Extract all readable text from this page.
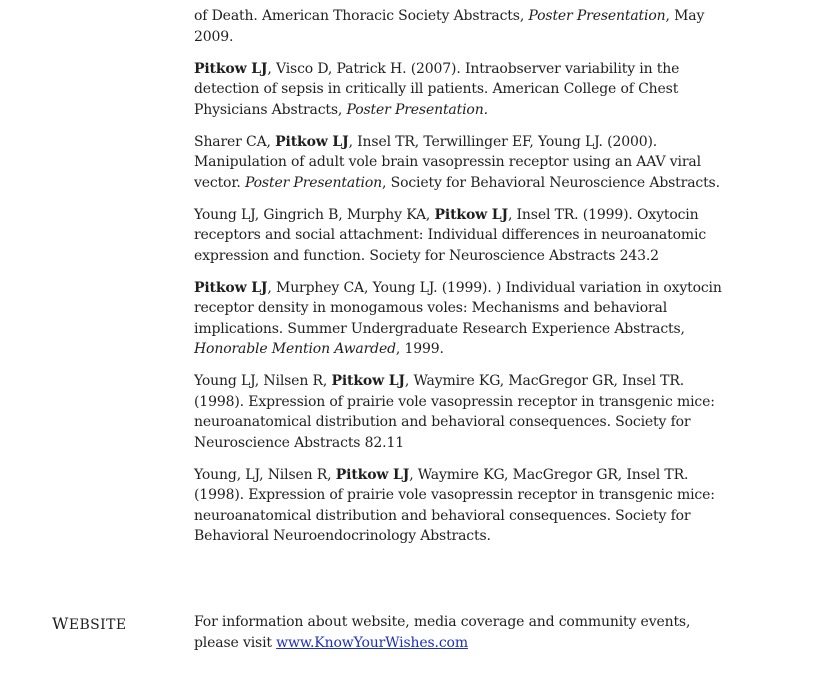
of Death. American Thoracic Society Abstracts, Poster Presentation, May 2009.

Pitkow LJ, Visco D, Patrick H. (2007). Intraobserver variability in the detection of sepsis in critically ill patients. American College of Chest Physicians Abstracts, Poster Presentation.

Sharer CA, Pitkow LJ, Insel TR, Terwillinger EF, Young LJ. (2000). Manipulation of adult vole brain vasopressin receptor using an AAV viral vector. Poster Presentation, Society for Behavioral Neuroscience Abstracts.

Young LJ, Gingrich B, Murphy KA, Pitkow LJ, Insel TR. (1999). Oxytocin receptors and social attachment: Individual differences in neuroanatomic expression and function. Society for Neuroscience Abstracts 243.2

Pitkow LJ, Murphey CA, Young LJ. (1999). ) Individual variation in oxytocin receptor density in monogamous voles: Mechanisms and behavioral implications. Summer Undergraduate Research Experience Abstracts, Honorable Mention Awarded, 1999.

Young LJ, Nilsen R, Pitkow LJ, Waymire KG, MacGregor GR, Insel TR. (1998). Expression of prairie vole vasopressin receptor in transgenic mice: neuroanatomical distribution and behavioral consequences. Society for Neuroscience Abstracts 82.11

Young, LJ, Nilsen R, Pitkow LJ, Waymire KG, MacGregor GR, Insel TR. (1998). Expression of prairie vole vasopressin receptor in transgenic mice: neuroanatomical distribution and behavioral consequences. Society for Behavioral Neuroendocrinology Abstracts.

WEBSITE	For information about website, media coverage and community events, please visit www.KnowYourWishes.com
